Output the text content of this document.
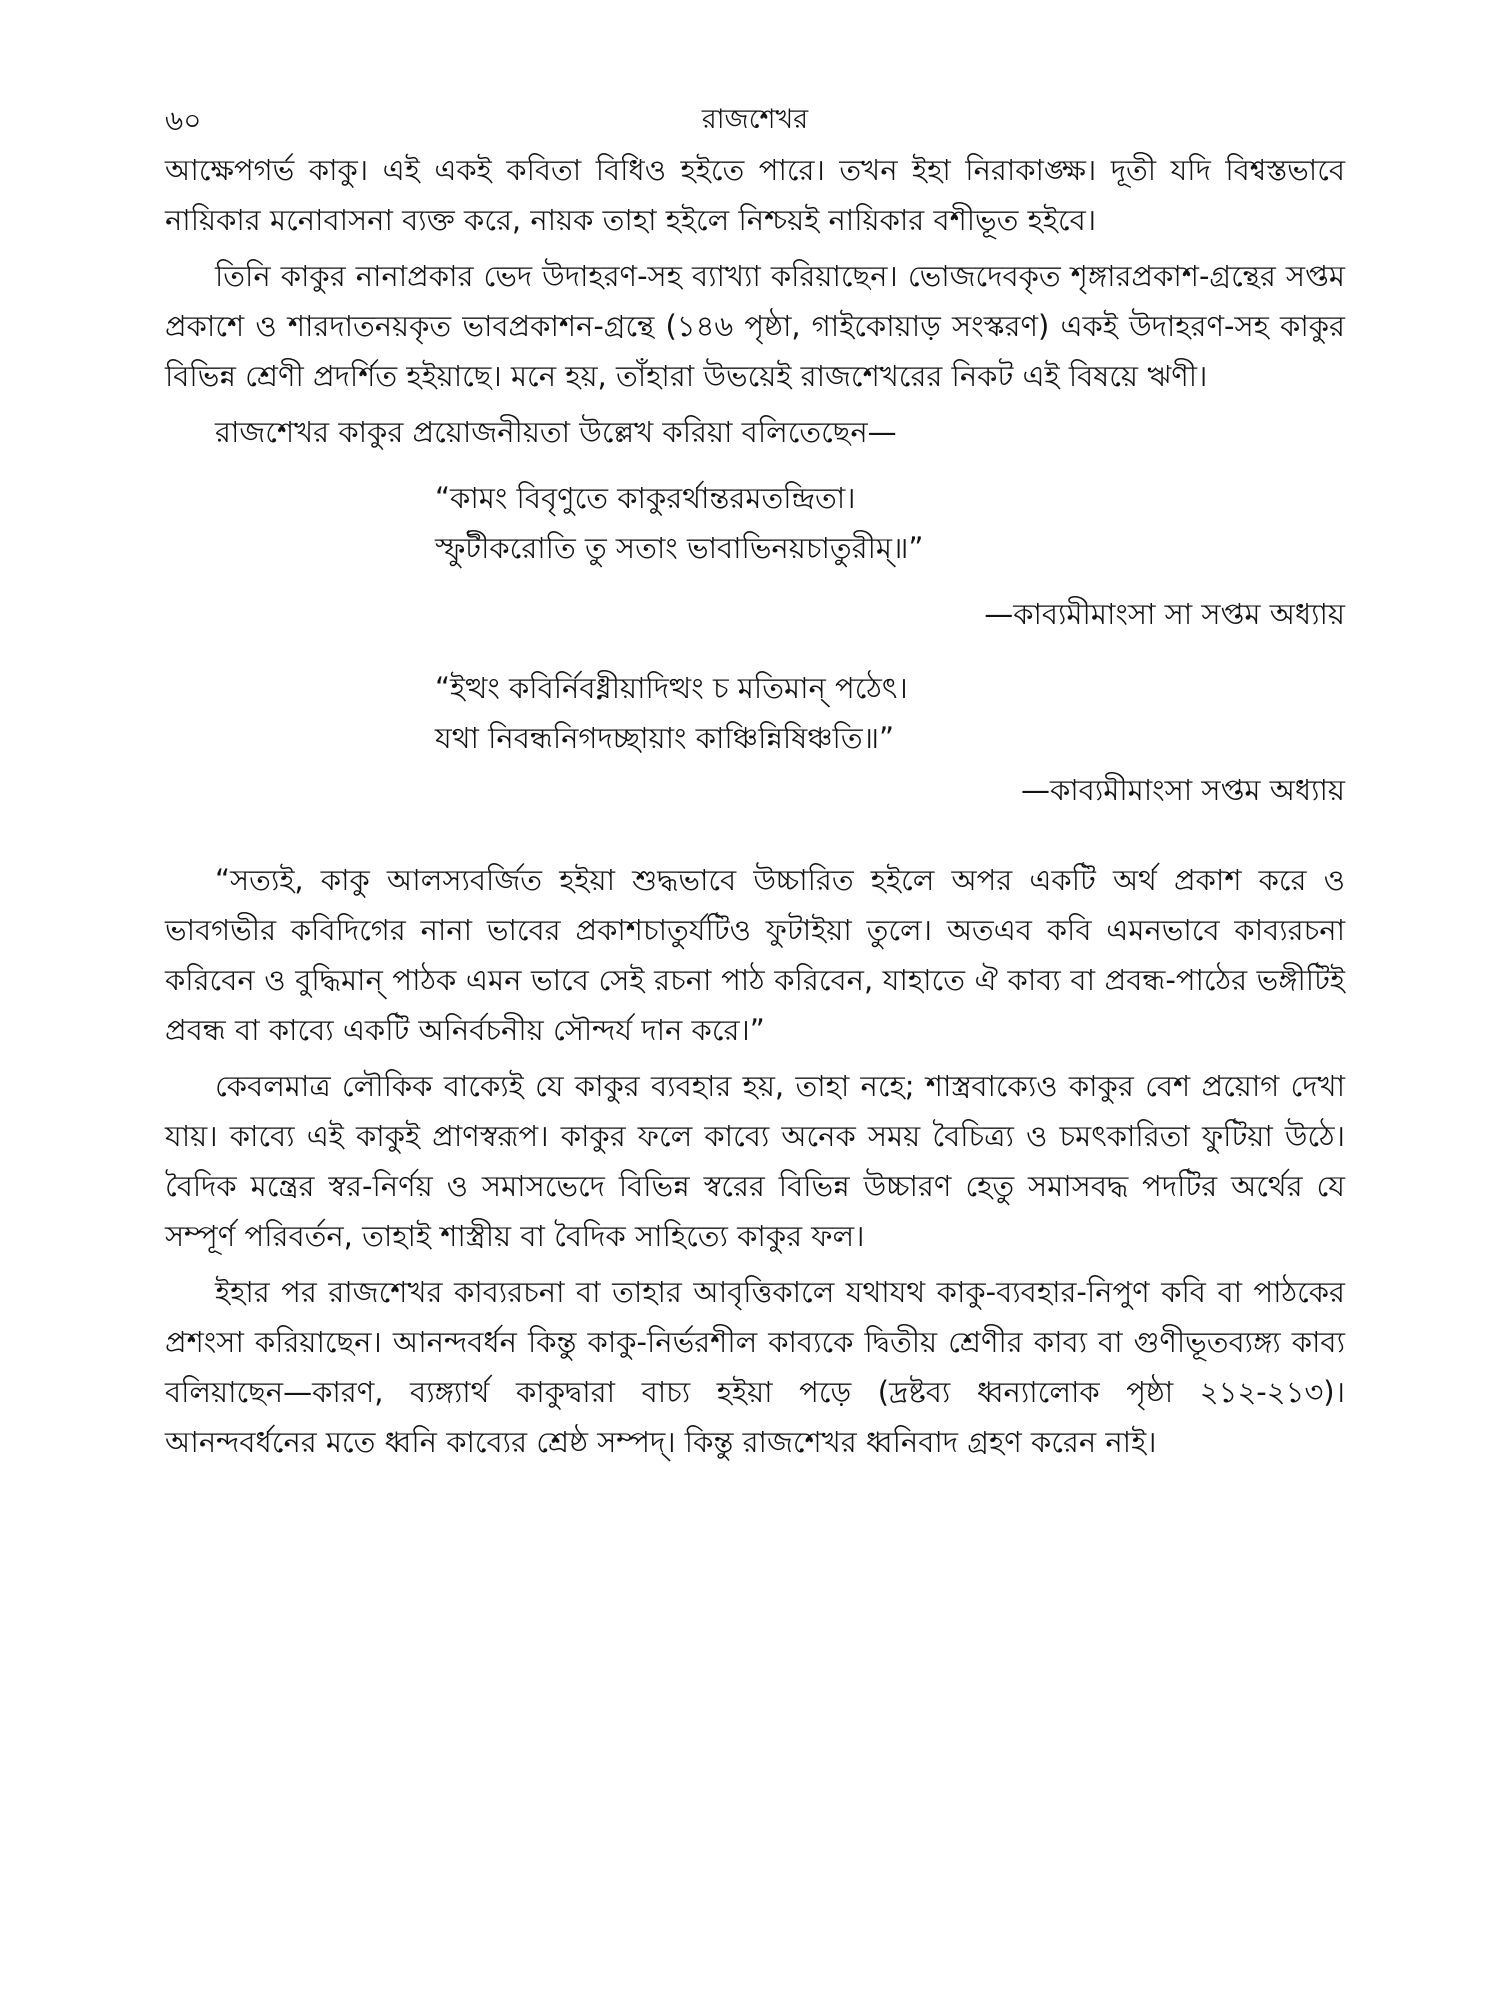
৬০	রাজশেখর

আক্ষেপগর্ভ কাকু। এই একই কবিতা বিধিও হইতে পারে। তখন ইহা নিরাকাঙ্ক্ষ। দূতী যদি বিশ্বস্তভাবে নায়িকার মনোবাসনা ব্যক্ত করে, নায়ক তাহা হইলে নিশ্চয়ই নায়িকার বশীভূত হইবে।

তিনি কাকুর নানাপ্রকার ভেদ উদাহরণ-সহ ব্যাখ্যা করিয়াছেন। ভোজদেবকৃত শৃঙ্গারপ্রকাশ-গ্রন্থের সপ্তম প্রকাশে ও শারদাতনয়কৃত ভাবপ্রকাশন-গ্রন্থে (১৪৬ পৃষ্ঠা, গাইকোয়াড় সংস্করণ) একই উদাহরণ-সহ কাকুর বিভিন্ন শ্রেণী প্রদর্শিত হইয়াছে। মনে হয়, তাঁহারা উভয়েই রাজশেখরের নিকট এই বিষয়ে ঋণী।

রাজশেখর কাকুর প্রয়োজনীয়তা উল্লেখ করিয়া বলিতেছেন—

“কামং বিবৃণুতে কাকুরর্থান্তরমতন্দ্রিতা।
স্ফুটীকরোতি তু সতাং ভাবাভিনয়চাতুরীম্॥”
—কাব্যমীমাংসা সা সপ্তম অধ্যায়
“ইত্থং কবির্নিবধ্নীয়াদিত্থং চ মতিমান্ পঠেৎ।
যথা নিবন্ধনিগদচ্ছায়াং কাঞ্চিন্নিষিঞ্চতি॥”
—কাব্যমীমাংসা সপ্তম অধ্যায়

“সত্যই, কাকু আলস্যবর্জিত হইয়া শুদ্ধভাবে উচ্চারিত হইলে অপর একটি অর্থ প্রকাশ করে ও ভাবগভীর কবিদিগের নানা ভাবের প্রকাশচাতুর্যটিও ফুটাইয়া তুলে। অতএব কবি এমনভাবে কাব্যরচনা করিবেন ও বুদ্ধিমান্ পাঠক এমন ভাবে সেই রচনা পাঠ করিবেন, যাহাতে ঐ কাব্য বা প্রবন্ধ-পাঠের ভঙ্গীটিই প্রবন্ধ বা কাব্যে একটি অনির্বচনীয় সৌন্দর্য দান করে।”

কেবলমাত্র লৌকিক বাক্যেই যে কাকুর ব্যবহার হয়, তাহা নহে; শাস্ত্রবাক্যেও কাকুর বেশ প্রয়োগ দেখা যায়। কাব্যে এই কাকুই প্রাণস্বরূপ। কাকুর ফলে কাব্যে অনেক সময় বৈচিত্র্য ও চমৎকারিতা ফুটিয়া উঠে। বৈদিক মন্ত্রের স্বর-নির্ণয় ও সমাসভেদে বিভিন্ন স্বরের বিভিন্ন উচ্চারণ হেতু সমাসবদ্ধ পদটির অর্থের যে সম্পূর্ণ পরিবর্তন, তাহাই শাস্ত্রীয় বা বৈদিক সাহিত্যে কাকুর ফল।

ইহার পর রাজশেখর কাব্যরচনা বা তাহার আবৃত্তিকালে যথাযথ কাকু-ব্যবহার-নিপুণ কবি বা পাঠকের প্রশংসা করিয়াছেন। আনন্দবর্ধন কিন্তু কাকু-নির্ভরশীল কাব্যকে দ্বিতীয় শ্রেণীর কাব্য বা গুণীভূতব্যঙ্গ্য কাব্য বলিয়াছেন—কারণ, ব্যঙ্গ্যার্থ কাকুদ্বারা বাচ্য হইয়া পড়ে (দ্রষ্টব্য ধ্বন্যালোক পৃষ্ঠা ২১২-২১৩)। আনন্দবর্ধনের মতে ধ্বনি কাব্যের শ্রেষ্ঠ সম্পদ্। কিন্তু রাজশেখর ধ্বনিবাদ গ্রহণ করেন নাই।
